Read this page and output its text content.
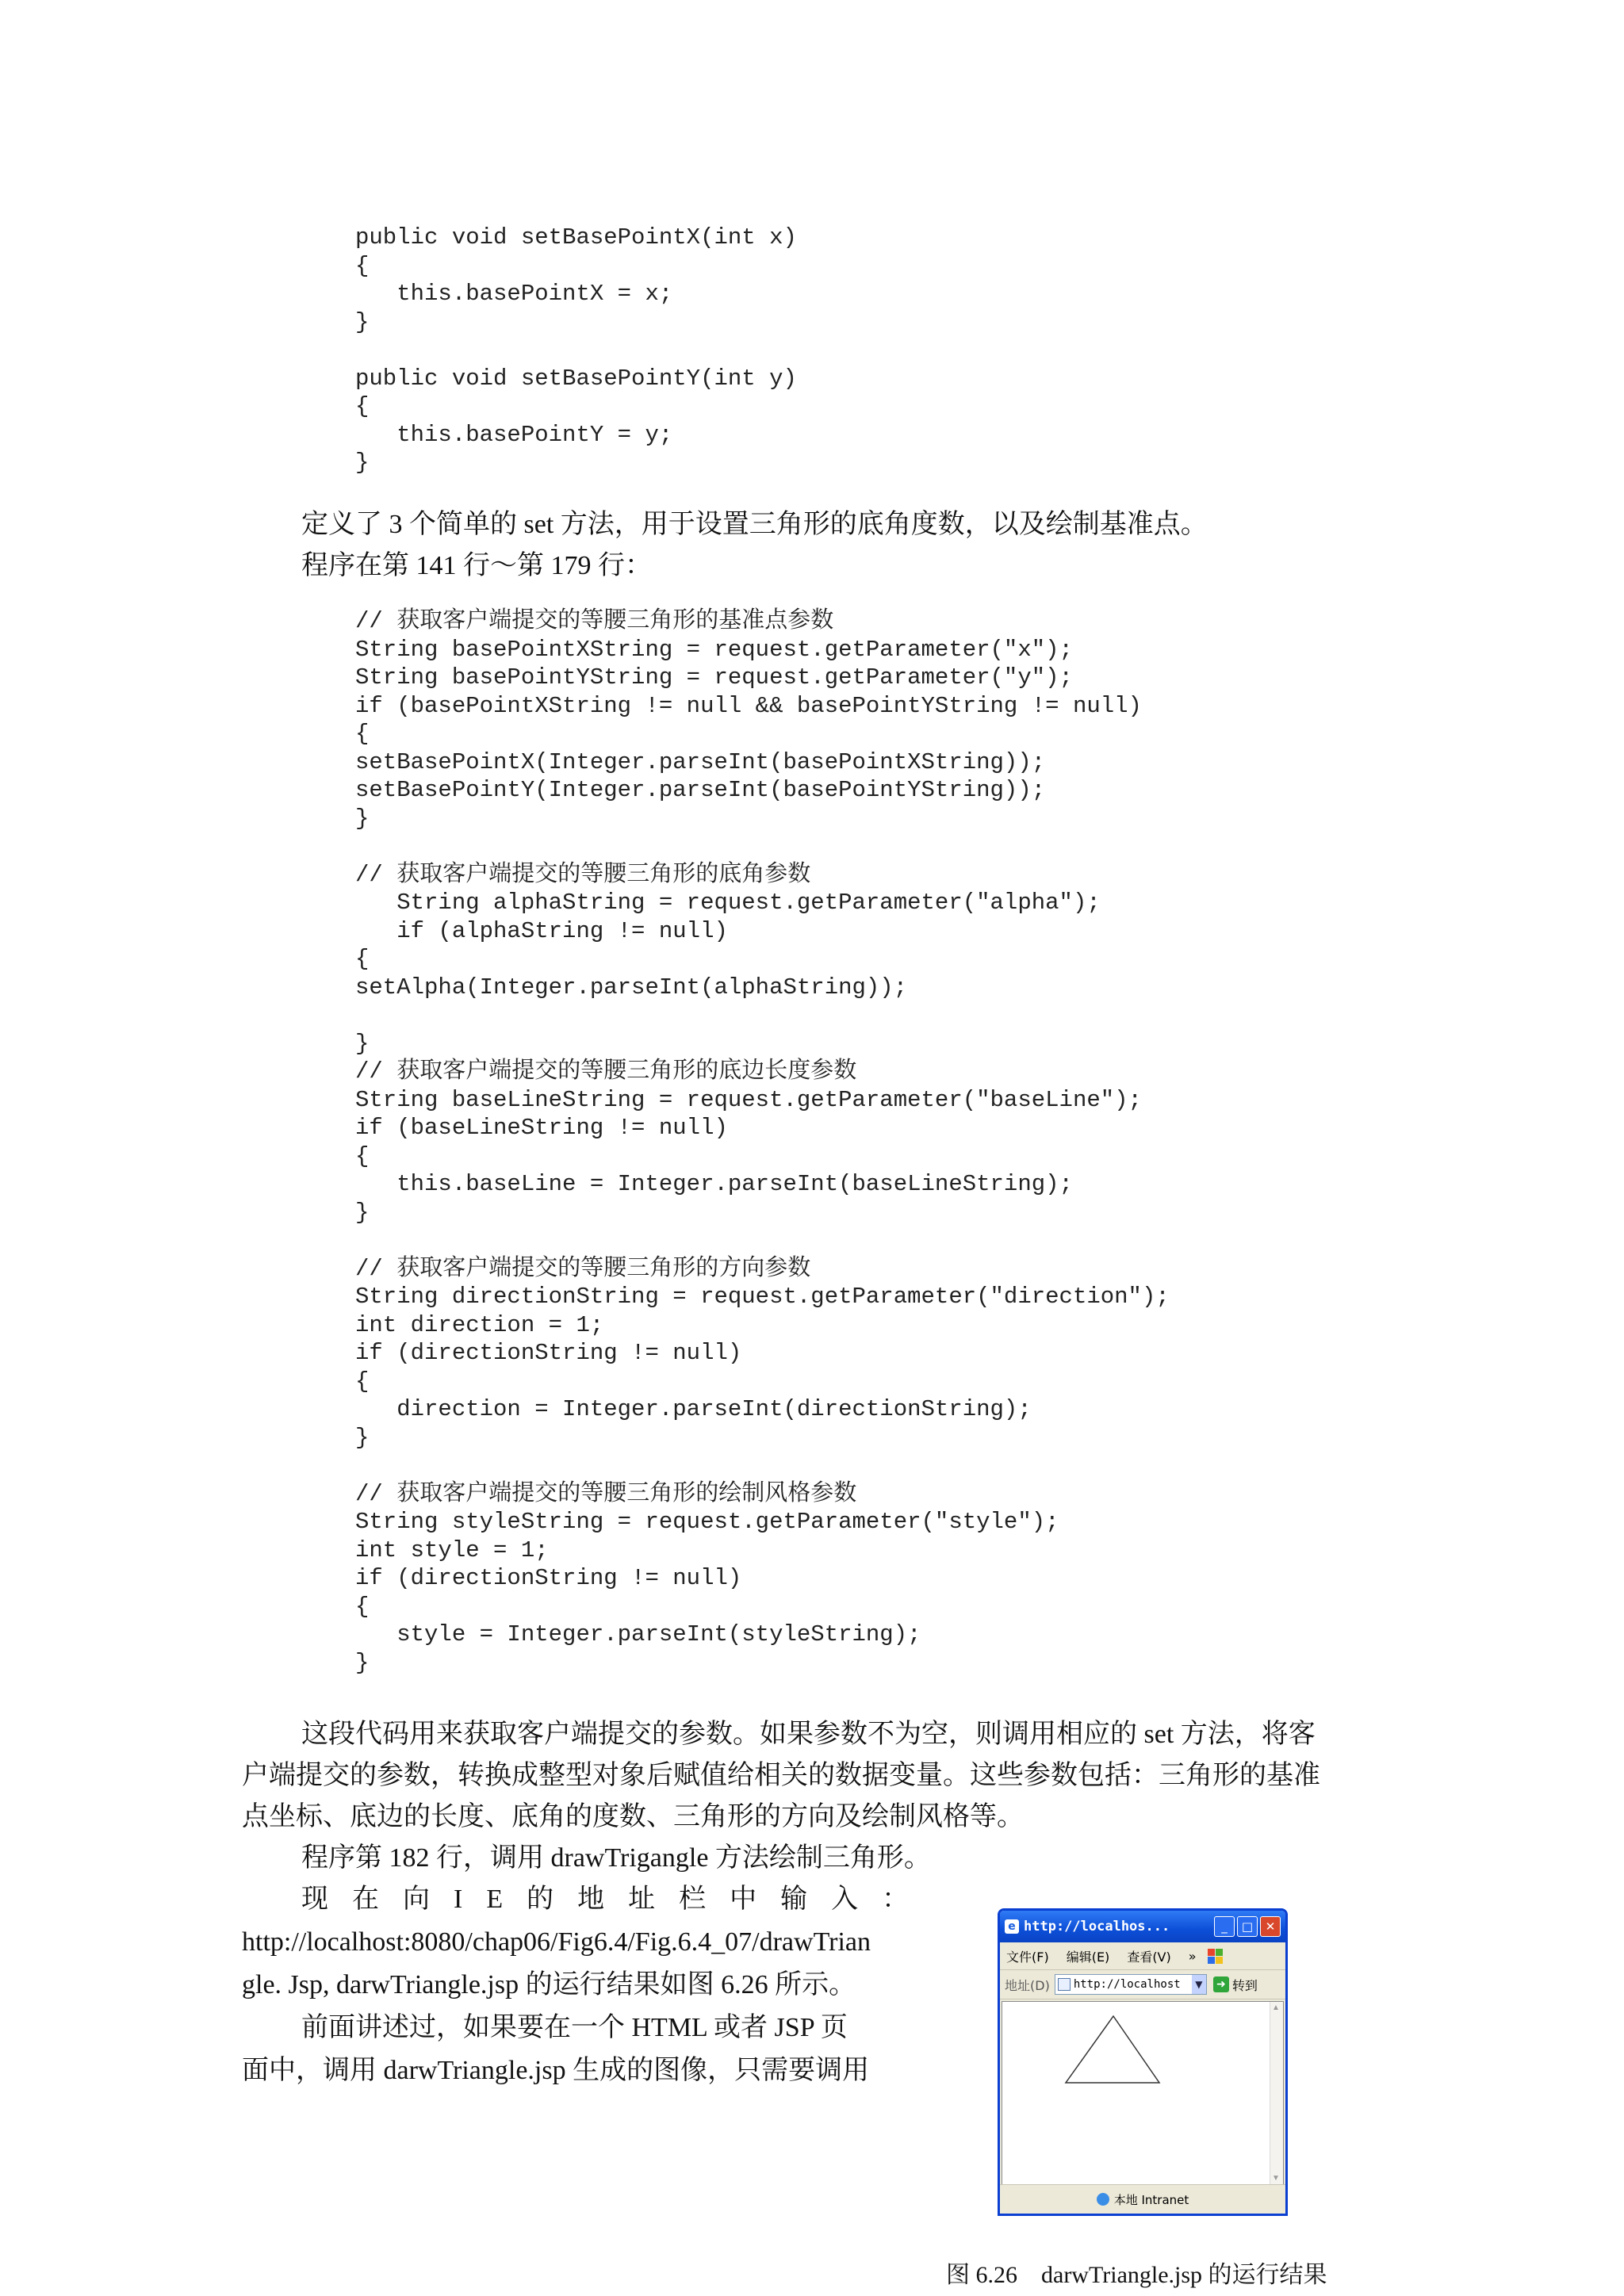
public void setBasePointX(int x)
{
this.basePointX = x;
}

public void setBasePointY(int y)
{
this.basePointY = y;
}

定义了 3 个简单的 set 方法，用于设置三角形的底角度数，以及绘制基准点。

程序在第 141 行～第 179 行：

// 获取客户端提交的等腰三角形的基准点参数
String basePointXString = request.getParameter("x");
String basePointYString = request.getParameter("y");
if (basePointXString != null && basePointYString != null)
{
setBasePointX(Integer.parseInt(basePointXString));
setBasePointY(Integer.parseInt(basePointYString));
}

// 获取客户端提交的等腰三角形的底角参数
String alphaString = request.getParameter("alpha");
if (alphaString != null)
{
setAlpha(Integer.parseInt(alphaString));

}
// 获取客户端提交的等腰三角形的底边长度参数
String baseLineString = request.getParameter("baseLine");
if (baseLineString != null)
{
this.baseLine = Integer.parseInt(baseLineString);
}

// 获取客户端提交的等腰三角形的方向参数
String directionString = request.getParameter("direction");
int direction = 1;
if (directionString != null)
{
direction = Integer.parseInt(directionString);
}

// 获取客户端提交的等腰三角形的绘制风格参数
String styleString = request.getParameter("style");
int style = 1;
if (directionString != null)
{
style = Integer.parseInt(styleString);
}

这段代码用来获取客户端提交的参数。如果参数不为空，则调用相应的 set 方法，将客

户端提交的参数，转换成整型对象后赋值给相关的数据变量。这些参数包括：三角形的基准

点坐标、底边的长度、底角的度数、三角形的方向及绘制风格等。

程序第 182 行，调用 drawTrigangle 方法绘制三角形。

现在向IE的地址栏中输入：

http://localhost:8080/chap06/Fig6.4/Fig.6.4_07/drawTrian

gle. Jsp, darwTriangle.jsp 的运行结果如图 6.26 所示。

前面讲述过，如果要在一个 HTML 或者 JSP 页

面中，调用 darwTriangle.jsp 生成的图像，只需要调用

e http://localhos...	_	□	✕
文件(F) 编辑(E) 查看(V) »
地址(D) http://localhost	▼	➜ 转到
▲
▼
本地 Intranet

图 6.26　darwTriangle.jsp 的运行结果
